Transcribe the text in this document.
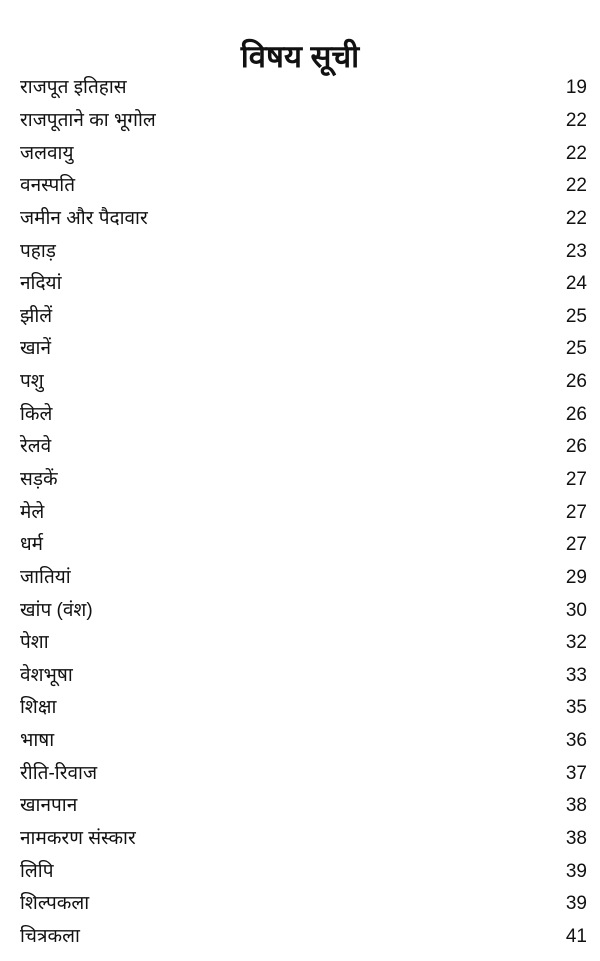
विषय सूची
राजपूत इतिहास	19
राजपूताने का भूगोल	22
जलवायु	22
वनस्पति	22
जमीन और पैदावार	22
पहाड़	23
नदियां	24
झीलें	25
खानें	25
पशु	26
किले	26
रेलवे	26
सड़कें	27
मेले	27
धर्म	27
जातियां	29
खांप (वंश)	30
पेशा	32
वेशभूषा	33
शिक्षा	35
भाषा	36
रीति-रिवाज	37
खानपान	38
नामकरण संस्कार	38
लिपि	39
शिल्पकला	39
चित्रकला	41
